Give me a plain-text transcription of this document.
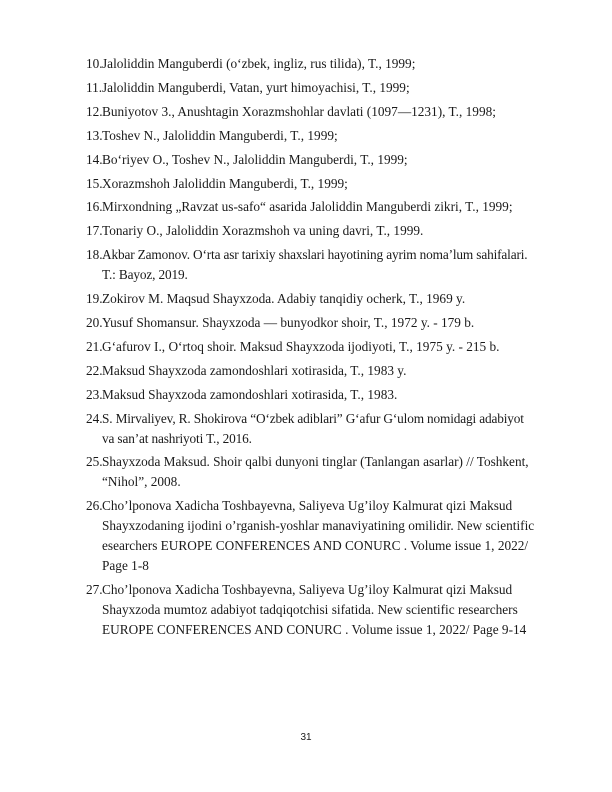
10. Jaloliddin Manguberdi (oʻzbek, ingliz, rus tilida), T., 1999;
11. Jaloliddin Manguberdi, Vatan, yurt himoyachisi, T., 1999;
12. Buniyotov 3., Anushtagin Xorazmshohlar davlati (1097—1231), T., 1998;
13. Toshev N., Jaloliddin Manguberdi, T., 1999;
14. Boʻriyev O., Toshev N., Jaloliddin Manguberdi, T., 1999;
15. Xorazmshoh Jaloliddin Manguberdi, T., 1999;
16. Mirxondning „Ravzat us-safo“ asarida Jaloliddin Manguberdi zikri, T., 1999;
17. Tonariy O., Jaloliddin Xorazmshoh va uning davri, T., 1999.
18. Akbar Zamonov. Oʻrta asr tarixiy shaxslari hayotining ayrim nomaʼlum sahifalari.
T.: Bayoz, 2019.
19. Zokirov M. Maqsud Shayxzoda. Adabiy tanqidiy ocherk, T., 1969 y.
20. Yusuf Shomansur. Shayxzoda — bunyodkor shoir, T., 1972 y. - 179 b.
21. Gʻafurov I., Oʻrtoq shoir. Maksud Shayxzoda ijodiyoti, T., 1975 y. - 215 b.
22. Maksud Shayxzoda zamondoshlari xotirasida, T., 1983 y.
23. Maksud Shayxzoda zamondoshlari xotirasida, T., 1983.
24. S. Mirvaliyev, R. Shokirova “Oʻzbek adiblari” Gʻafur Gʻulom nomidagi adabiyot
va sanʼat nashriyoti T., 2016.
25. Shayxzoda Maksud. Shoir qalbi dunyoni tinglar (Tanlangan asarlar) // Toshkent,
“Nihol”, 2008.
26. Cho’lponova Xadicha Toshbayevna, Saliyeva Ug’iloy Kalmurat qizi Maksud
Shayxzodaning ijodini o’rganish-yoshlar manaviyatining omilidir. New scientific
esearchers EUROPE CONFERENCES AND CONURC . Volume issue 1, 2022/
Page 1-8
27. Cho’lponova Xadicha Toshbayevna, Saliyeva Ug’iloy Kalmurat qizi Maksud
Shayxzoda mumtoz adabiyot tadqiqotchisi sifatida. New scientific researchers
EUROPE CONFERENCES AND CONURC . Volume issue 1, 2022/ Page 9-14
31
